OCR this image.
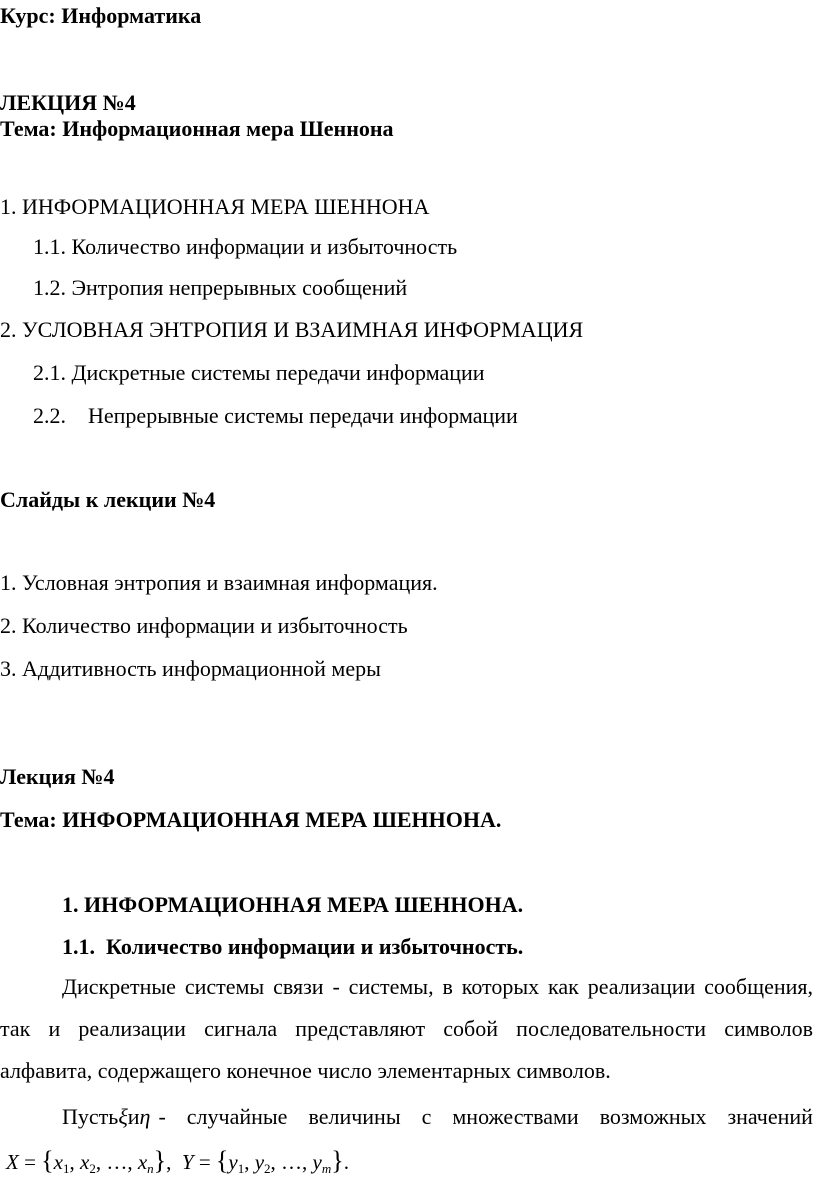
Курс: Информатика
ЛЕКЦИЯ №4
Тема: Информационная мера Шеннона
1. ИНФОРМАЦИОННАЯ МЕРА ШЕННОНА
1.1. Количество информации и избыточность
1.2. Энтропия непрерывных сообщений
2. УСЛОВНАЯ ЭНТРОПИЯ И ВЗАИМНАЯ ИНФОРМАЦИЯ
2.1. Дискретные системы передачи информации
2.2.    Непрерывные системы передачи информации
Слайды к лекции №4
1. Условная энтропия и взаимная информация.
2. Количество информации и избыточность
3. Аддитивность информационной меры
Лекция №4
Тема: ИНФОРМАЦИОННАЯ МЕРА ШЕННОНА.
1. ИНФОРМАЦИОННАЯ МЕРА ШЕННОНА.
1.1.  Количество информации и избыточность.

Дискретные системы связи - системы, в которых как реализации сообщения, так и реализации сигнала представляют собой последовательности символов алфавита, содержащего конечное число элементарных символов.

Пусть ξ и η - случайные величины с множествами возможных значений
$X = \{x_1$, $x_2$, …, $x_n$},  $Y = \{y_1$, $y_2$, …, $y_m$}.
